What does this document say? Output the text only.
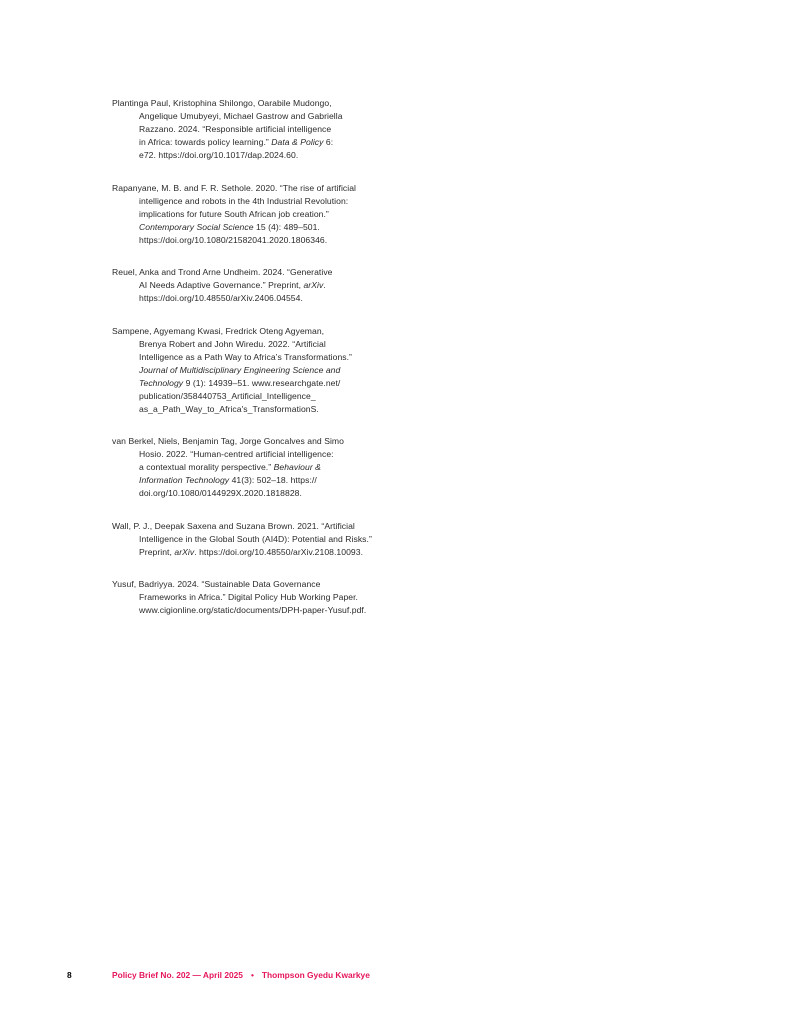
Plantinga Paul, Kristophina Shilongo, Oarabile Mudongo,
Angelique Umubyeyi, Michael Gastrow and Gabriella
Razzano. 2024. “Responsible artificial intelligence
in Africa: towards policy learning.” Data & Policy 6:
e72. https://doi.org/10.1017/dap.2024.60.
Rapanyane, M. B. and F. R. Sethole. 2020. “The rise of artificial
intelligence and robots in the 4th Industrial Revolution:
implications for future South African job creation.”
Contemporary Social Science 15 (4): 489–501.
https://doi.org/10.1080/21582041.2020.1806346.
Reuel, Anka and Trond Arne Undheim. 2024. “Generative
AI Needs Adaptive Governance.” Preprint, arXiv.
https://doi.org/10.48550/arXiv.2406.04554.
Sampene, Agyemang Kwasi, Fredrick Oteng Agyeman,
Brenya Robert and John Wiredu. 2022. “Artificial
Intelligence as a Path Way to Africa’s Transformations.”
Journal of Multidisciplinary Engineering Science and
Technology 9 (1): 14939–51. www.researchgate.net/
publication/358440753_Artificial_Intelligence_
as_a_Path_Way_to_Africa's_TransformationS.
van Berkel, Niels, Benjamin Tag, Jorge Goncalves and Simo
Hosio. 2022. “Human-centred artificial intelligence:
a contextual morality perspective.” Behaviour &
Information Technology 41(3): 502–18. https://
doi.org/10.1080/0144929X.2020.1818828.
Wall, P. J., Deepak Saxena and Suzana Brown. 2021. “Artificial
Intelligence in the Global South (AI4D): Potential and Risks.”
Preprint, arXiv. https://doi.org/10.48550/arXiv.2108.10093.
Yusuf, Badriyya. 2024. “Sustainable Data Governance
Frameworks in Africa.” Digital Policy Hub Working Paper.
www.cigionline.org/static/documents/DPH-paper-Yusuf.pdf.
8	Policy Brief No. 202 — April 2025 • Thompson Gyedu Kwarkye
